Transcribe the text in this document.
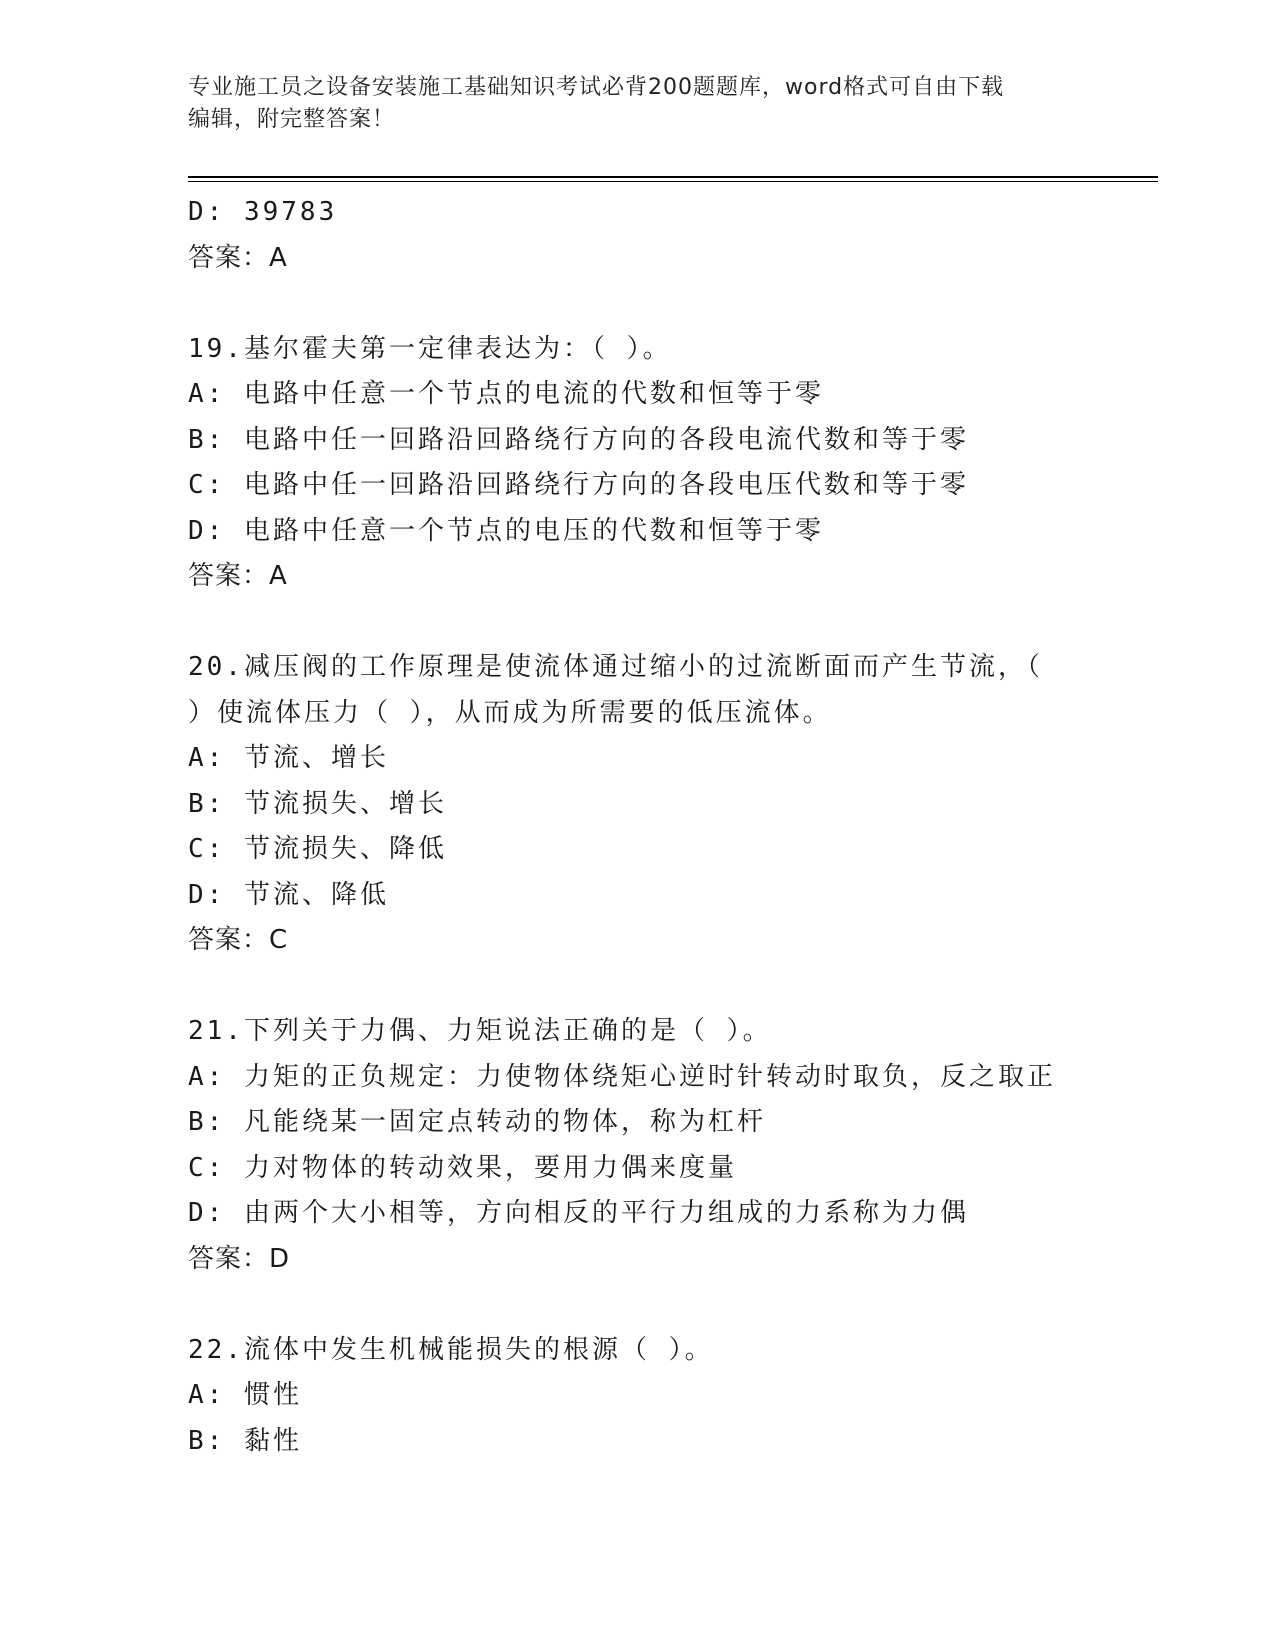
专业施工员之设备安装施工基础知识考试必背200题题库，word格式可自由下载
编辑，附完整答案！
D: 39783
答案：A
19.基尔霍夫第一定律表达为：（ ）。
A: 电路中任意一个节点的电流的代数和恒等于零
B: 电路中任一回路沿回路绕行方向的各段电流代数和等于零
C: 电路中任一回路沿回路绕行方向的各段电压代数和等于零
D: 电路中任意一个节点的电压的代数和恒等于零
答案：A
20.减压阀的工作原理是使流体通过缩小的过流断面而产生节流，（
）使流体压力（ ），从而成为所需要的低压流体。
A: 节流、增长
B: 节流损失、增长
C: 节流损失、降低
D: 节流、降低
答案：C
21.下列关于力偶、力矩说法正确的是（ ）。
A: 力矩的正负规定：力使物体绕矩心逆时针转动时取负，反之取正
B: 凡能绕某一固定点转动的物体，称为杠杆
C: 力对物体的转动效果，要用力偶来度量
D: 由两个大小相等，方向相反的平行力组成的力系称为力偶
答案：D
22.流体中发生机械能损失的根源（ ）。
A: 惯性
B: 黏性
